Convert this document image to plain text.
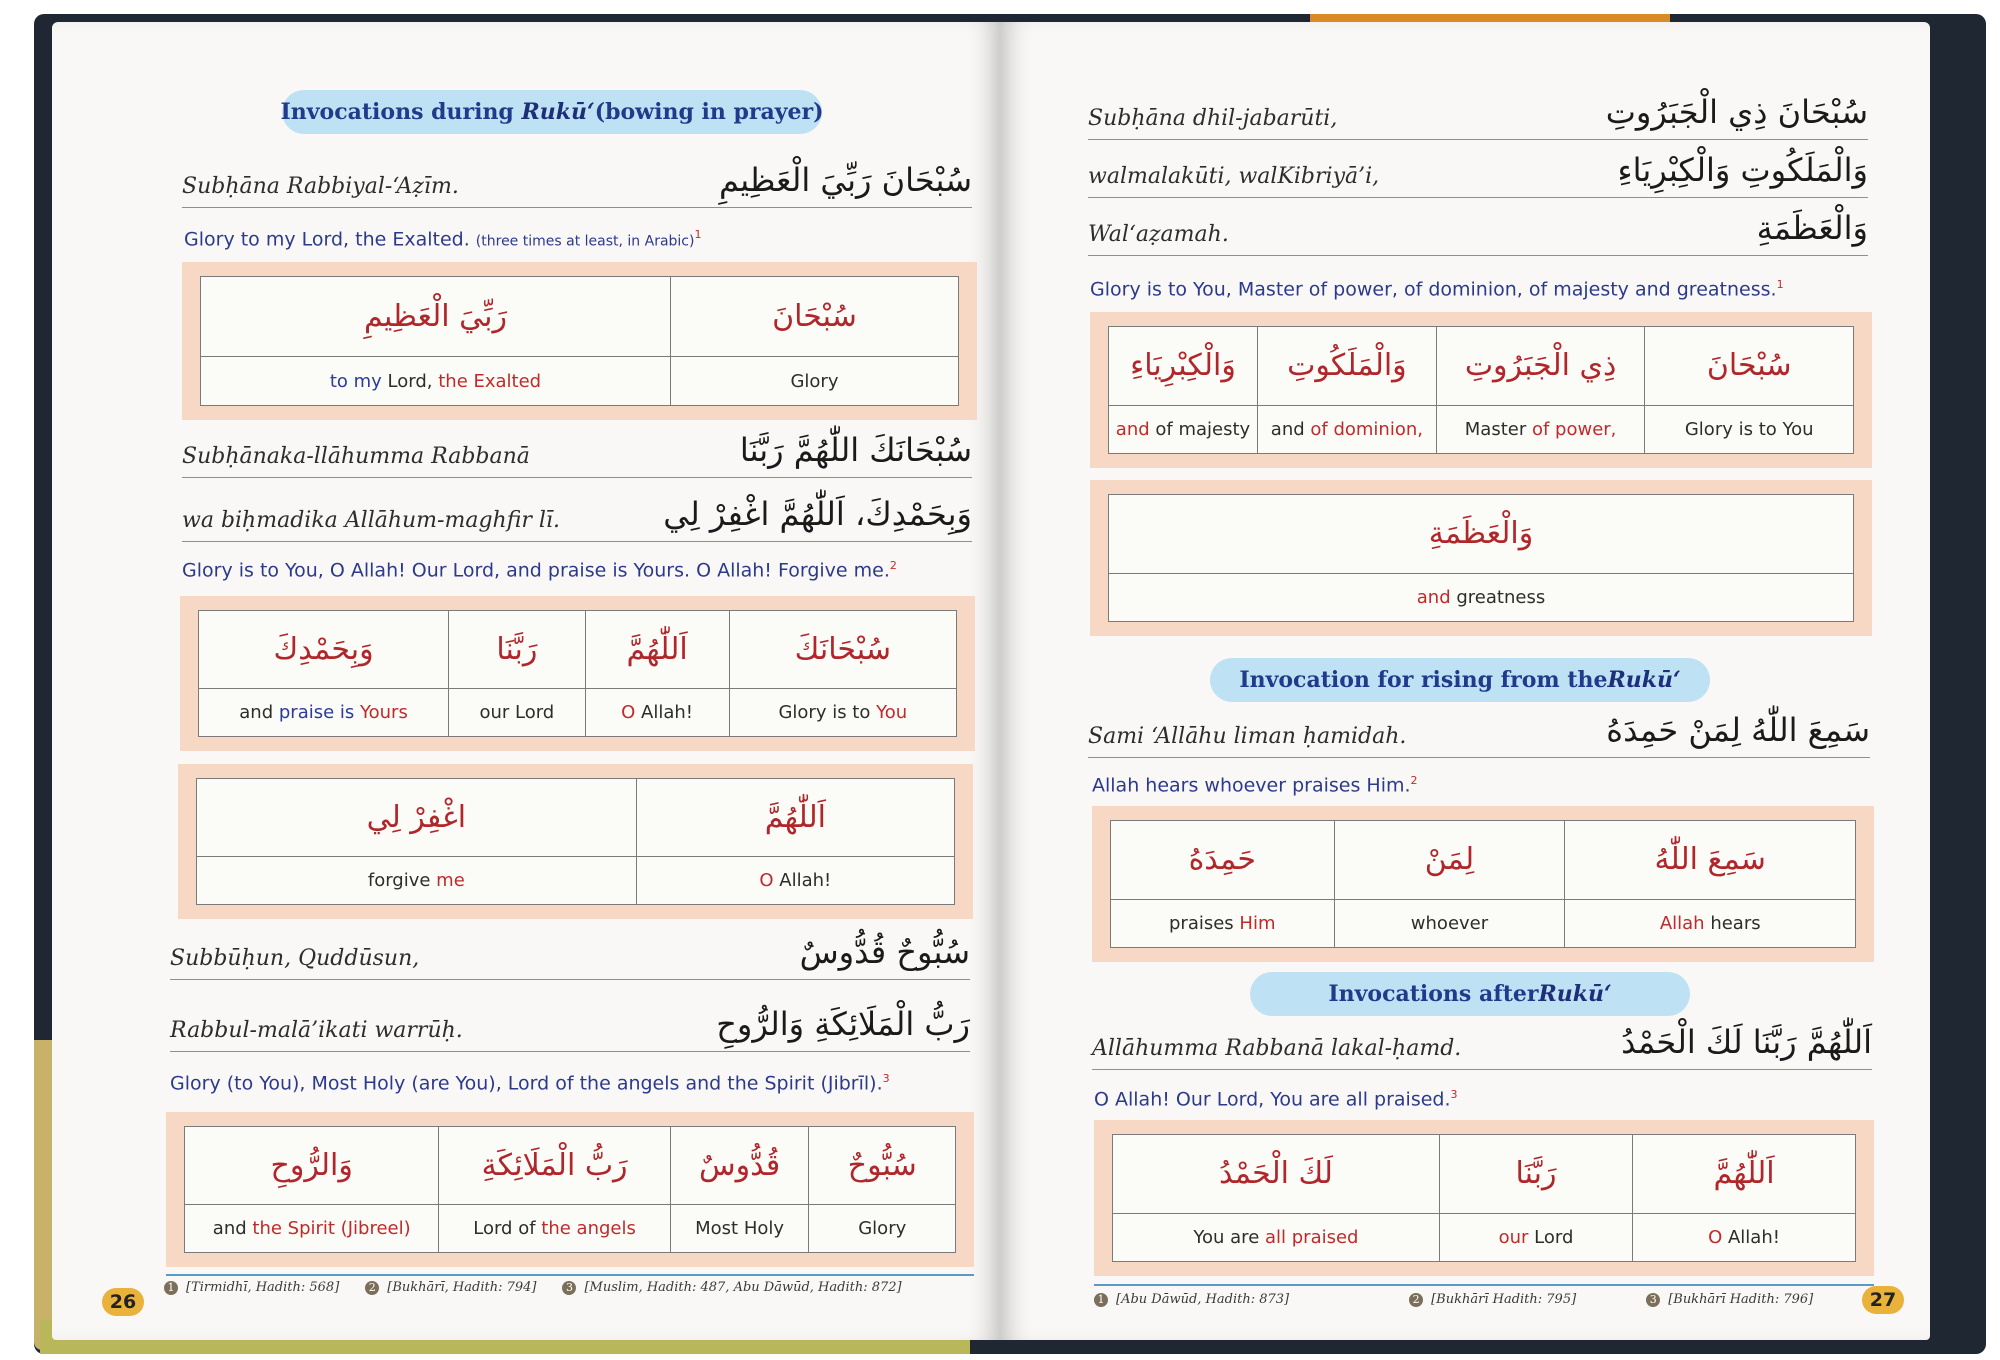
Invocations during
Rukū‘ (bowing in prayer)
Subḥāna Rabbiyal-‘Aẓīm.	سُبْحَانَ رَبِّيَ الْعَظِيمِ
Glory to my Lord, the Exalted. (three times at least, in Arabic)$^1$
رَبِّيَ الْعَظِيمِ	سُبْحَانَ
to my Lord, the Exalted	Glory
Subḥānaka-llāhumma Rabbanā	سُبْحَانَكَ اللّٰهُمَّ رَبَّنَا
wa biḥmadika Allāhum-maghfir lī.	وَبِحَمْدِكَ، اَللّٰهُمَّ اغْفِرْ لِي
Glory is to You, O Allah! Our Lord, and praise is Yours. O Allah! Forgive me.$^2$
وَبِحَمْدِكَ	رَبَّنَا	اَللّٰهُمَّ	سُبْحَانَكَ
and praise is Yours	our Lord	O Allah!	Glory is to You
اغْفِرْ لِي	اَللّٰهُمَّ
forgive me	O Allah!
Subbūḥun, Quddūsun,	سُبُّوحٌ قُدُّوسٌ
Rabbul-malā’ikati warrūḥ.	رَبُّ الْمَلَائِكَةِ وَالرُّوحِ
Glory (to You), Most Holy (are You), Lord of the angels and the Spirit (Jibrīl).$^3$
وَالرُّوحِ	رَبُّ الْمَلَائِكَةِ	قُدُّوسٌ	سُبُّوحٌ
and the Spirit (Jibreel)	Lord of the angels	Most Holy	Glory
1 [Tirmidhī, Hadith: 568]	2 [Bukhārī, Hadith: 794]	3 [Muslim, Hadith: 487, Abu Dāwūd, Hadith: 872]
26
Subḥāna dhil-jabarūti,	سُبْحَانَ ذِي الْجَبَرُوتِ
walmalakūti, walKibriyā’i,	وَالْمَلَكُوتِ وَالْكِبْرِيَاءِ
Wal‘aẓamah.	وَالْعَظَمَةِ
Glory is to You, Master of power, of dominion, of majesty and greatness.$^1$
وَالْكِبْرِيَاءِ	وَالْمَلَكُوتِ	ذِي الْجَبَرُوتِ	سُبْحَانَ
and of majesty	and of dominion,	Master of power,	Glory is to You
وَالْعَظَمَةِ
and greatness
Invocation for rising from the Rukū‘
Sami ‘Allāhu liman ḥamidah.	سَمِعَ اللّٰهُ لِمَنْ حَمِدَهُ
Allah hears whoever praises Him.$^2$
حَمِدَهُ	لِمَنْ	سَمِعَ اللّٰهُ
praises Him	whoever	Allah hears
Invocations after Rukū‘
Allāhumma Rabbanā lakal-ḥamd.	اَللّٰهُمَّ رَبَّنَا لَكَ الْحَمْدُ
O Allah! Our Lord, You are all praised.$^3$
لَكَ الْحَمْدُ	رَبَّنَا	اَللّٰهُمَّ
You are all praised	our Lord	O Allah!
1 [Abu Dāwūd, Hadith: 873]	2 [Bukhārī Hadith: 795]	3 [Bukhārī Hadith: 796]	27
